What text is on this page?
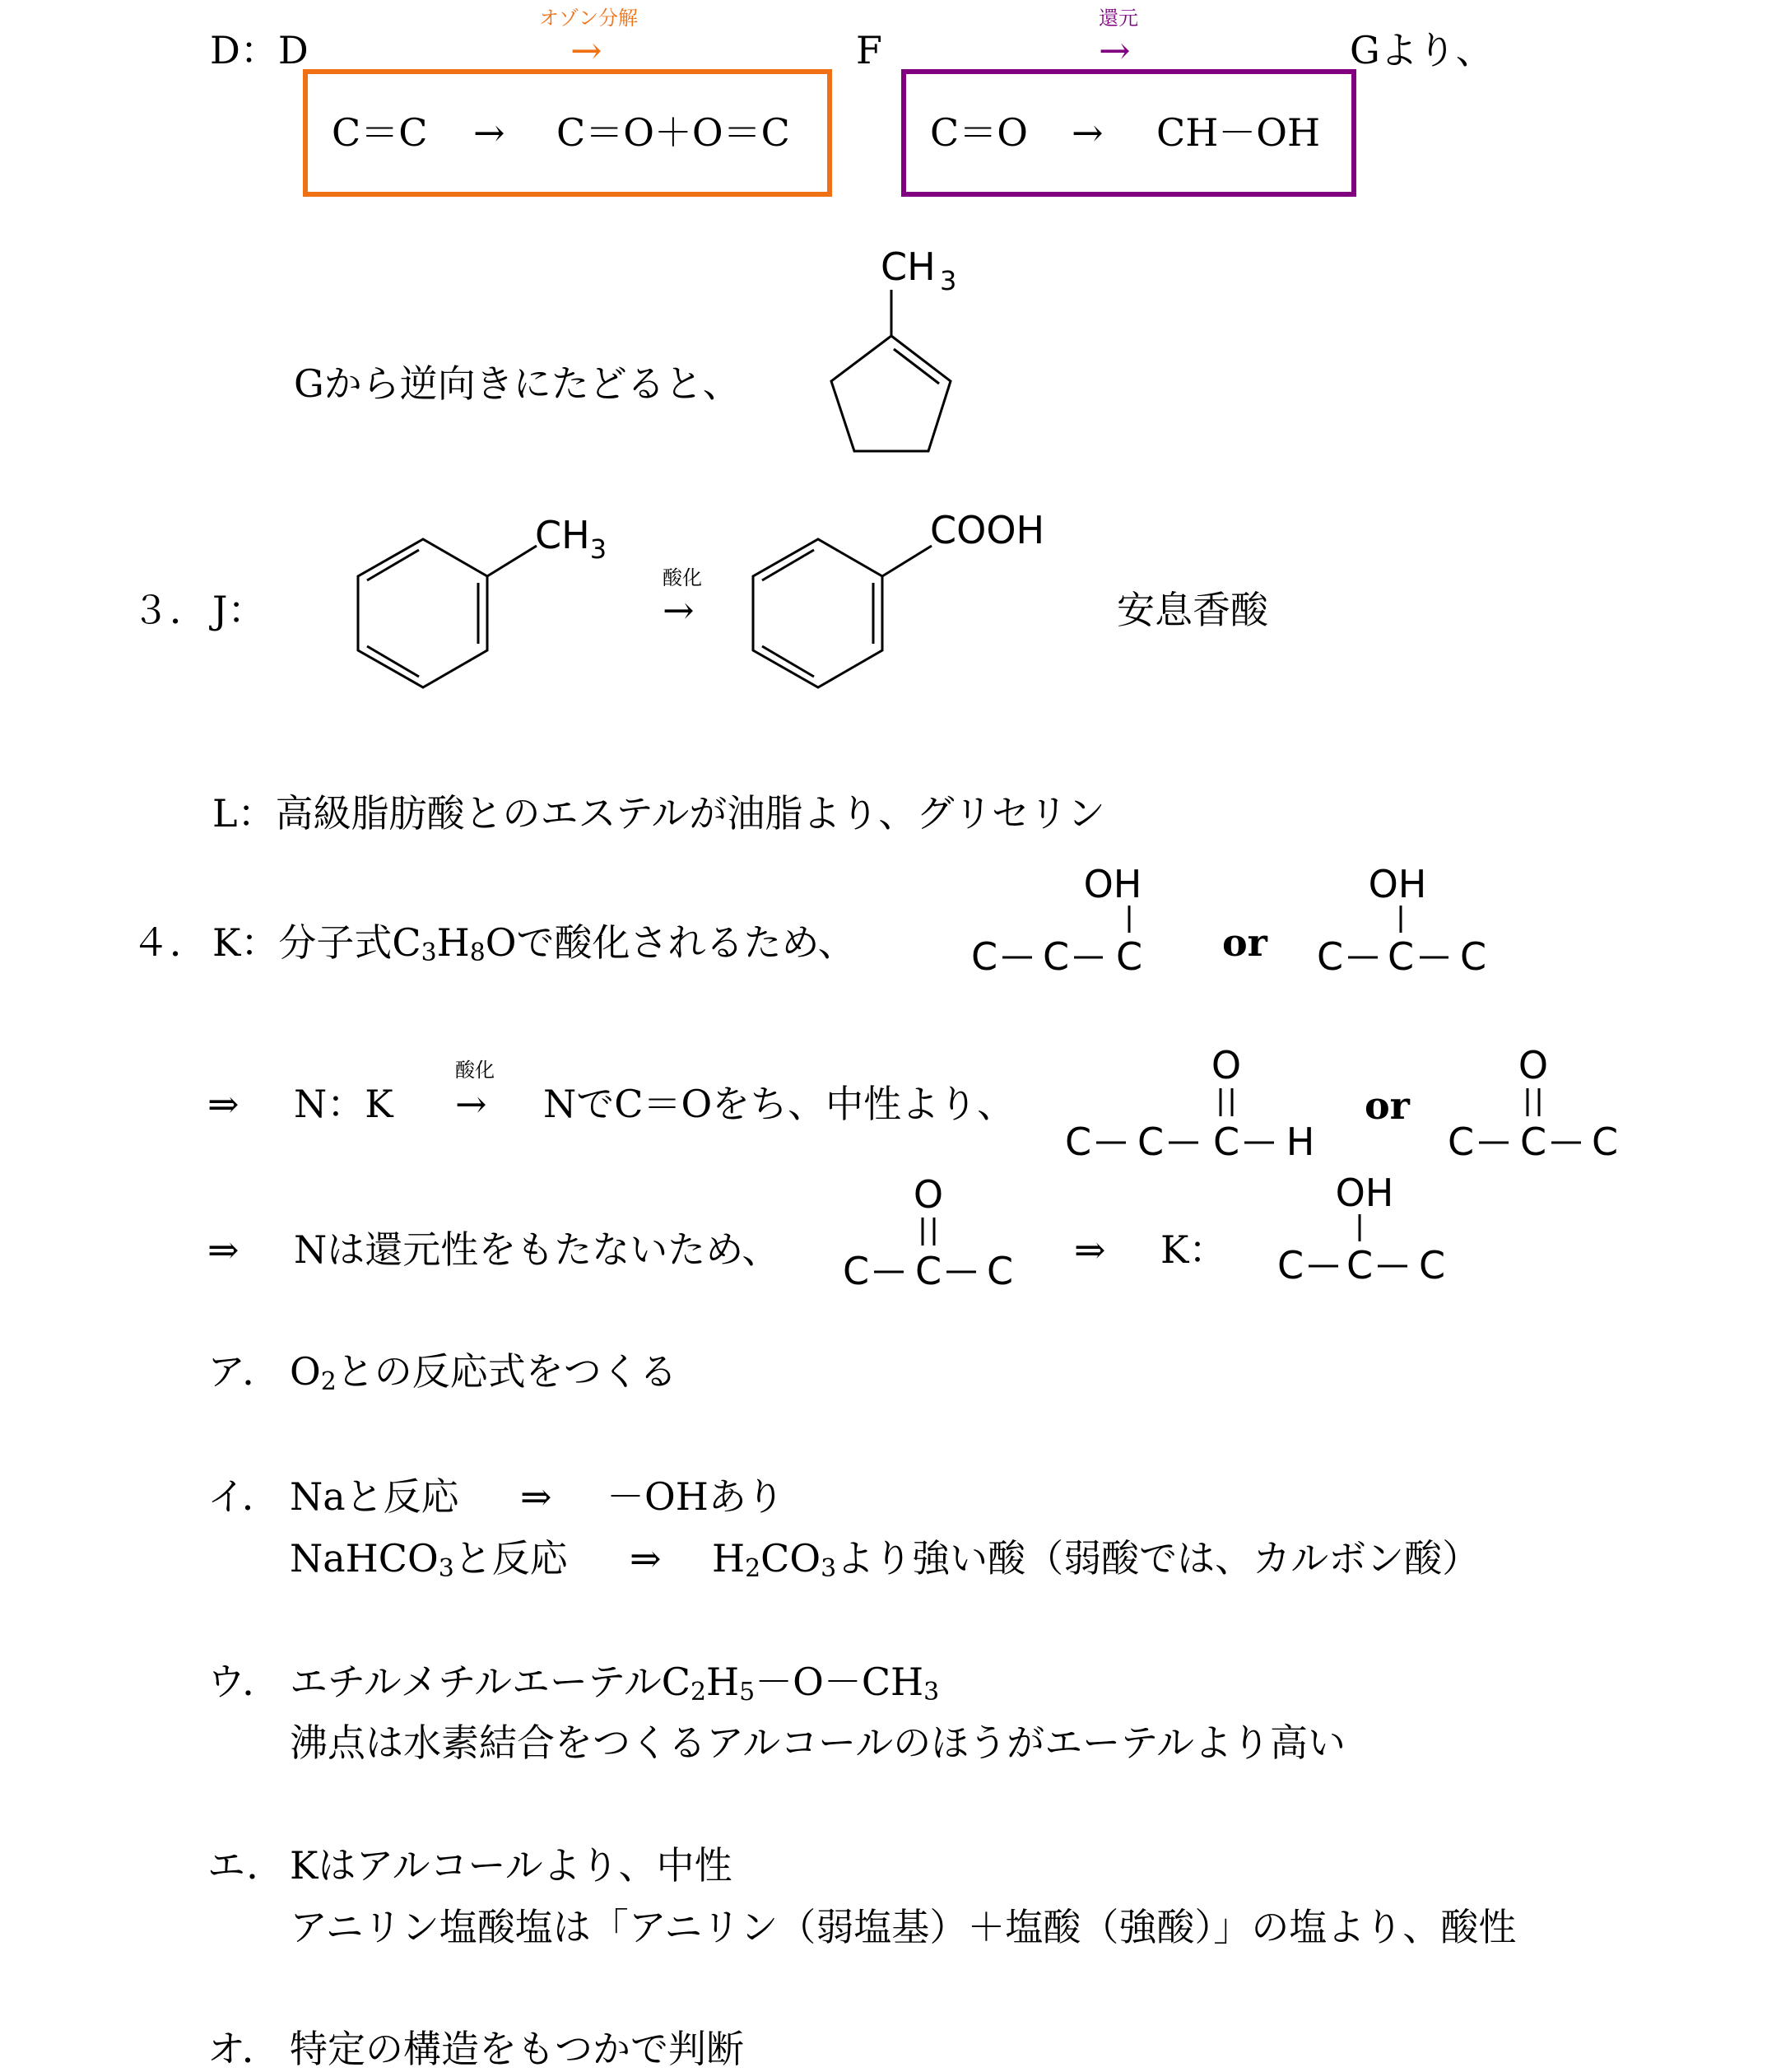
D：D
オゾン分解
→	F
還元
→	Gより、
C＝C → C＝O＋O＝C	C＝O → CH－OH
Gから逆向きにたどると、
CH 3
３． J：
$CH_3$
酸化
→
COOH
安息香酸
L：高級脂肪酸とのエステルが油脂より、グリセリン
４． K：分子式$C_3H_8O$で酸化されるため、
OH
C C C or
OH
C C C
⇒ N：K
酸化
→ NでC＝Oをち、中性より、
O
C C C H
or
O
C C C
⇒ Nは還元性をもたないため、
O
C C C ⇒ K：
OH
C C C
ア． $O_2$との反応式をつくる
イ． Naと反応 ⇒ －OHあり
NaHCO$_3$と反応 ⇒ $H_2CO_3$より強い酸（弱酸では、カルボン酸）
ウ． エチルメチルエーテル$C_2H_5-O-CH_3$
沸点は水素結合をつくるアルコールのほうがエーテルより高い
エ． Kはアルコールより、中性
アニリン塩酸塩は「アニリン（弱塩基）＋塩酸（強酸）」の塩より、酸性
オ． 特定の構造をもつかで判断
